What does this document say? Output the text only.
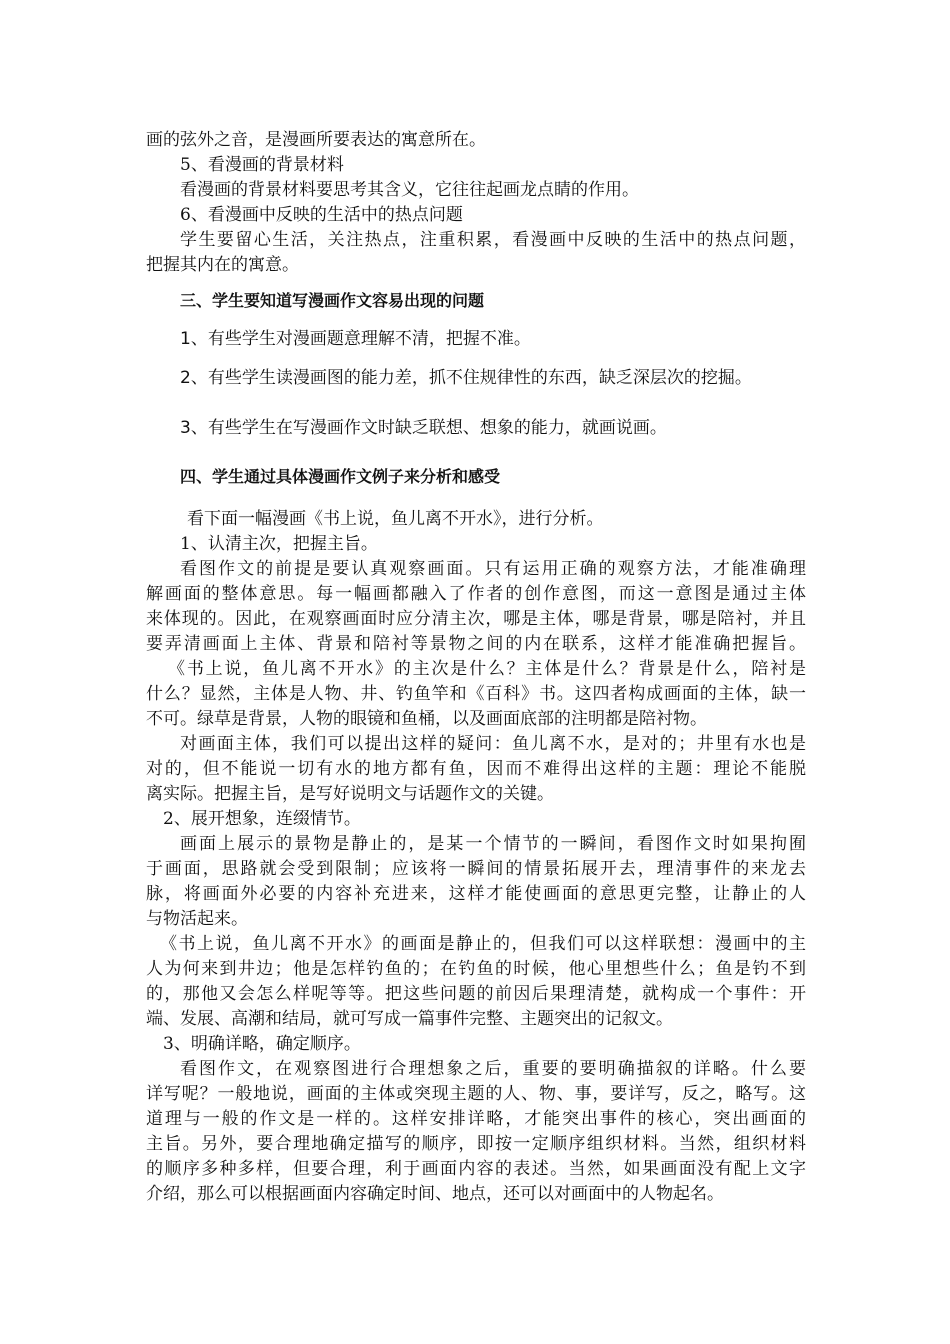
画的弦外之音，是漫画所要表达的寓意所在。
5、看漫画的背景材料
看漫画的背景材料要思考其含义，它往往起画龙点睛的作用。
6、看漫画中反映的生活中的热点问题
学生要留心生活，关注热点，注重积累，看漫画中反映的生活中的热点问题，
把握其内在的寓意。
三、学生要知道写漫画作文容易出现的问题
1、有些学生对漫画题意理解不清，把握不准。
2、有些学生读漫画图的能力差，抓不住规律性的东西，缺乏深层次的挖掘。
3、有些学生在写漫画作文时缺乏联想、想象的能力，就画说画。
四、学生通过具体漫画作文例子来分析和感受
看下面一幅漫画《书上说，鱼儿离不开水》，进行分析。
1、认清主次，把握主旨。
看图作文的前提是要认真观察画面。只有运用正确的观察方法，才能准确理
解画面的整体意思。每一幅画都融入了作者的创作意图，而这一意图是通过主体
来体现的。因此，在观察画面时应分清主次，哪是主体，哪是背景，哪是陪衬，并且
要弄清画面上主体、背景和陪衬等景物之间的内在联系，这样才能准确把握旨。
《书上说，鱼儿离不开水》的主次是什么？主体是什么？背景是什么，陪衬是
什么？显然，主体是人物、井、钓鱼竿和《百科》书。这四者构成画面的主体，缺一
不可。绿草是背景，人物的眼镜和鱼桶，以及画面底部的注明都是陪衬物。
对画面主体，我们可以提出这样的疑问：鱼儿离不水，是对的；井里有水也是
对的，但不能说一切有水的地方都有鱼，因而不难得出这样的主题：理论不能脱
离实际。把握主旨，是写好说明文与话题作文的关键。
2、展开想象，连缀情节。
画面上展示的景物是静止的，是某一个情节的一瞬间，看图作文时如果拘囿
于画面，思路就会受到限制；应该将一瞬间的情景拓展开去，理清事件的来龙去
脉，将画面外必要的内容补充进来，这样才能使画面的意思更完整，让静止的人
与物活起来。
《书上说，鱼儿离不开水》的画面是静止的，但我们可以这样联想：漫画中的主
人为何来到井边；他是怎样钓鱼的；在钓鱼的时候，他心里想些什么；鱼是钓不到
的，那他又会怎么样呢等等。把这些问题的前因后果理清楚，就构成一个事件：开
端、发展、高潮和结局，就可写成一篇事件完整、主题突出的记叙文。
3、明确详略，确定顺序。
看图作文，在观察图进行合理想象之后，重要的要明确描叙的详略。什么要
详写呢？一般地说，画面的主体或突现主题的人、物、事，要详写，反之，略写。这
道理与一般的作文是一样的。这样安排详略，才能突出事件的核心，突出画面的
主旨。另外，要合理地确定描写的顺序，即按一定顺序组织材料。当然，组织材料
的顺序多种多样，但要合理，利于画面内容的表述。当然，如果画面没有配上文字
介绍，那么可以根据画面内容确定时间、地点，还可以对画面中的人物起名。
